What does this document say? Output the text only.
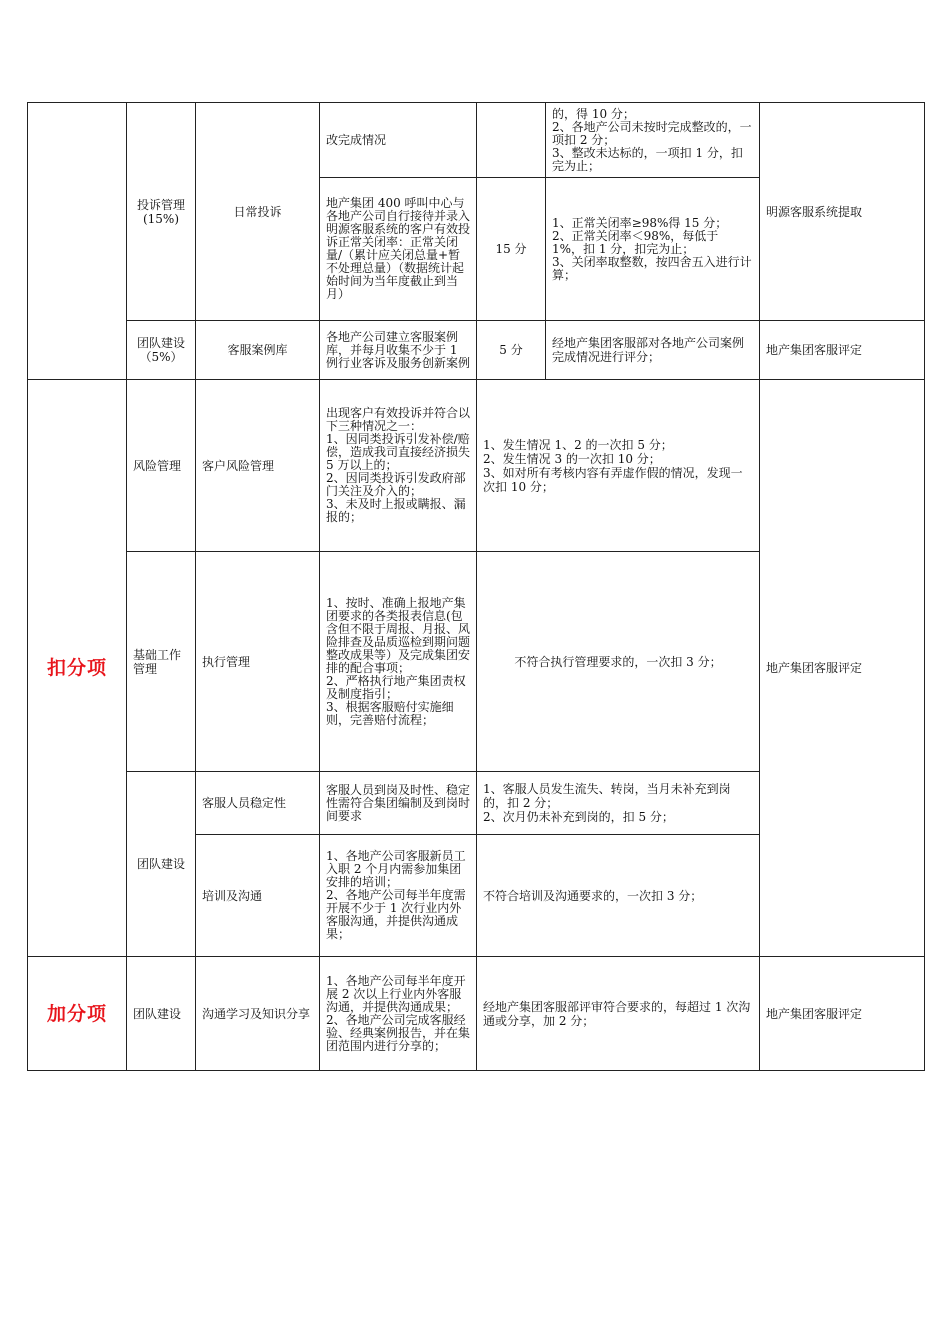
	投诉管理(15%)	日常投诉	改完成情况		的，得 10 分；
2、各地产公司未按时完成整改的，一项扣 2 分；
3、整改未达标的，一项扣 1 分，扣完为止；	明源客服系统提取
			地产集团 400 呼叫中心与各地产公司自行接待并录入明源客服系统的客户有效投诉正常关闭率：正常关闭量/（累计应关闭总量+暂不处理总量）（数据统计起始时间为当年度截止到当月）	15 分	1、正常关闭率≥98%得 15 分；
2、正常关闭率＜98%，每低于 1%，扣 1 分，扣完为止；
3、关闭率取整数，按四舍五入进行计算；	
	团队建设
（5%）	客服案例库	各地产公司建立客服案例库，并每月收集不少于 1 例行业客诉及服务创新案例	5 分	经地产集团客服部对各地产公司案例完成情况进行评分；	地产集团客服评定
扣分项	风险管理	客户风险管理	出现客户有效投诉并符合以下三种情况之一：
1、因同类投诉引发补偿/赔偿，造成我司直接经济损失 5 万以上的；
2、因同类投诉引发政府部门关注及介入的；
3、未及时上报或瞒报、漏报的；	1、发生情况 1、2 的一次扣 5 分；
2、发生情况 3 的一次扣 10 分；
3、如对所有考核内容有弄虚作假的情况，发现一次扣 10 分；		地产集团客服评定
	基础工作管理	执行管理	1、按时、准确上报地产集团要求的各类报表信息(包含但不限于周报、月报、风险排查及品质巡检到期问题整改成果等）及完成集团安排的配合事项；
2、严格执行地产集团责权及制度指引；
3、根据客服赔付实施细则，完善赔付流程；	不符合执行管理要求的，一次扣 3 分；		
	团队建设	客服人员稳定性	客服人员到岗及时性、稳定性需符合集团编制及到岗时间要求	1、客服人员发生流失、转岗，当月未补充到岗的，扣 2 分；
2、次月仍未补充到岗的，扣 5 分；		
		培训及沟通	1、各地产公司客服新员工入职 2 个月内需参加集团安排的培训；
2、各地产公司每半年度需开展不少于 1 次行业内外客服沟通，并提供沟通成果；	不符合培训及沟通要求的，一次扣 3 分；		
加分项	团队建设	沟通学习及知识分享	1、各地产公司每半年度开展 2 次以上行业内外客服沟通，并提供沟通成果；
2、各地产公司完成客服经验、经典案例报告，并在集团范围内进行分享的；	经地产集团客服部评审符合要求的，每超过 1 次沟通或分享，加 2 分；		地产集团客服评定
